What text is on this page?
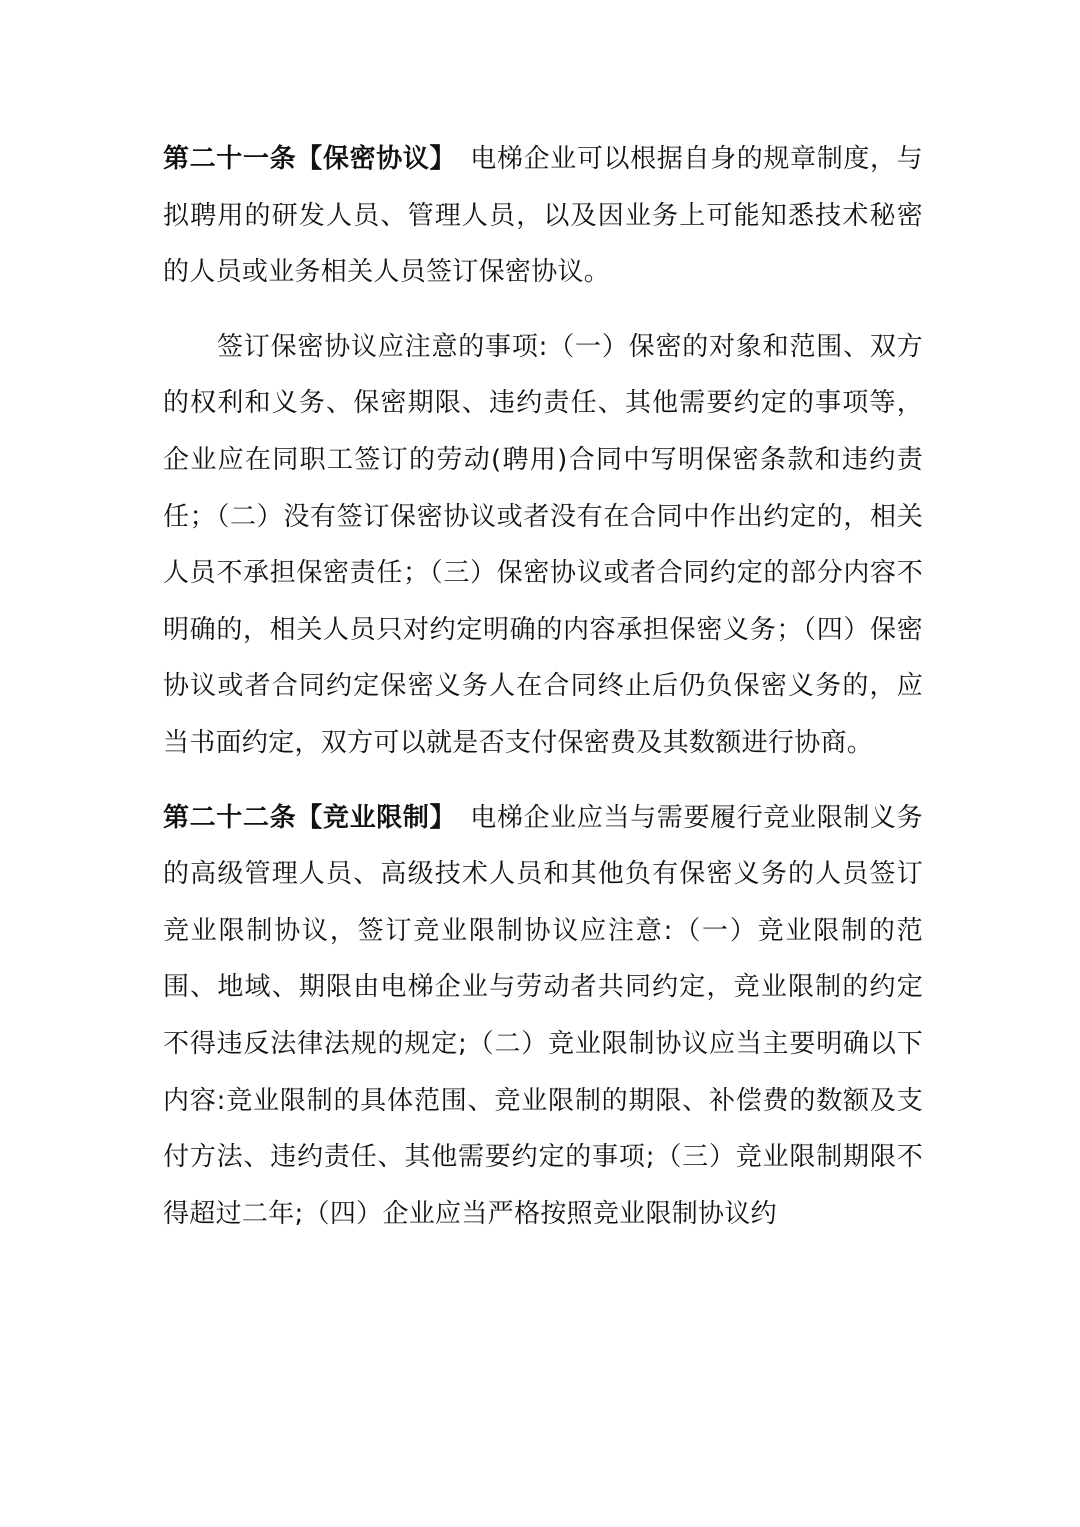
第二十一条【保密协议】 电梯企业可以根据自身的规章制度，与拟聘用的研发人员、管理人员，以及因业务上可能知悉技术秘密的人员或业务相关人员签订保密协议。

签订保密协议应注意的事项:（一）保密的对象和范围、双方的权利和义务、保密期限、违约责任、其他需要约定的事项等，企业应在同职工签订的劳动(聘用)合同中写明保密条款和违约责任；（二）没有签订保密协议或者没有在合同中作出约定的，相关人员不承担保密责任；（三）保密协议或者合同约定的部分内容不明确的，相关人员只对约定明确的内容承担保密义务；（四）保密协议或者合同约定保密义务人在合同终止后仍负保密义务的，应当书面约定，双方可以就是否支付保密费及其数额进行协商。

第二十二条【竞业限制】 电梯企业应当与需要履行竞业限制义务的高级管理人员、高级技术人员和其他负有保密义务的人员签订竞业限制协议，签订竞业限制协议应注意:（一）竞业限制的范围、地域、期限由电梯企业与劳动者共同约定，竞业限制的约定不得违反法律法规的规定;（二）竞业限制协议应当主要明确以下内容:竞业限制的具体范围、竞业限制的期限、补偿费的数额及支付方法、违约责任、其他需要约定的事项;（三）竞业限制期限不得超过二年;（四）企业应当严格按照竞业限制协议约
